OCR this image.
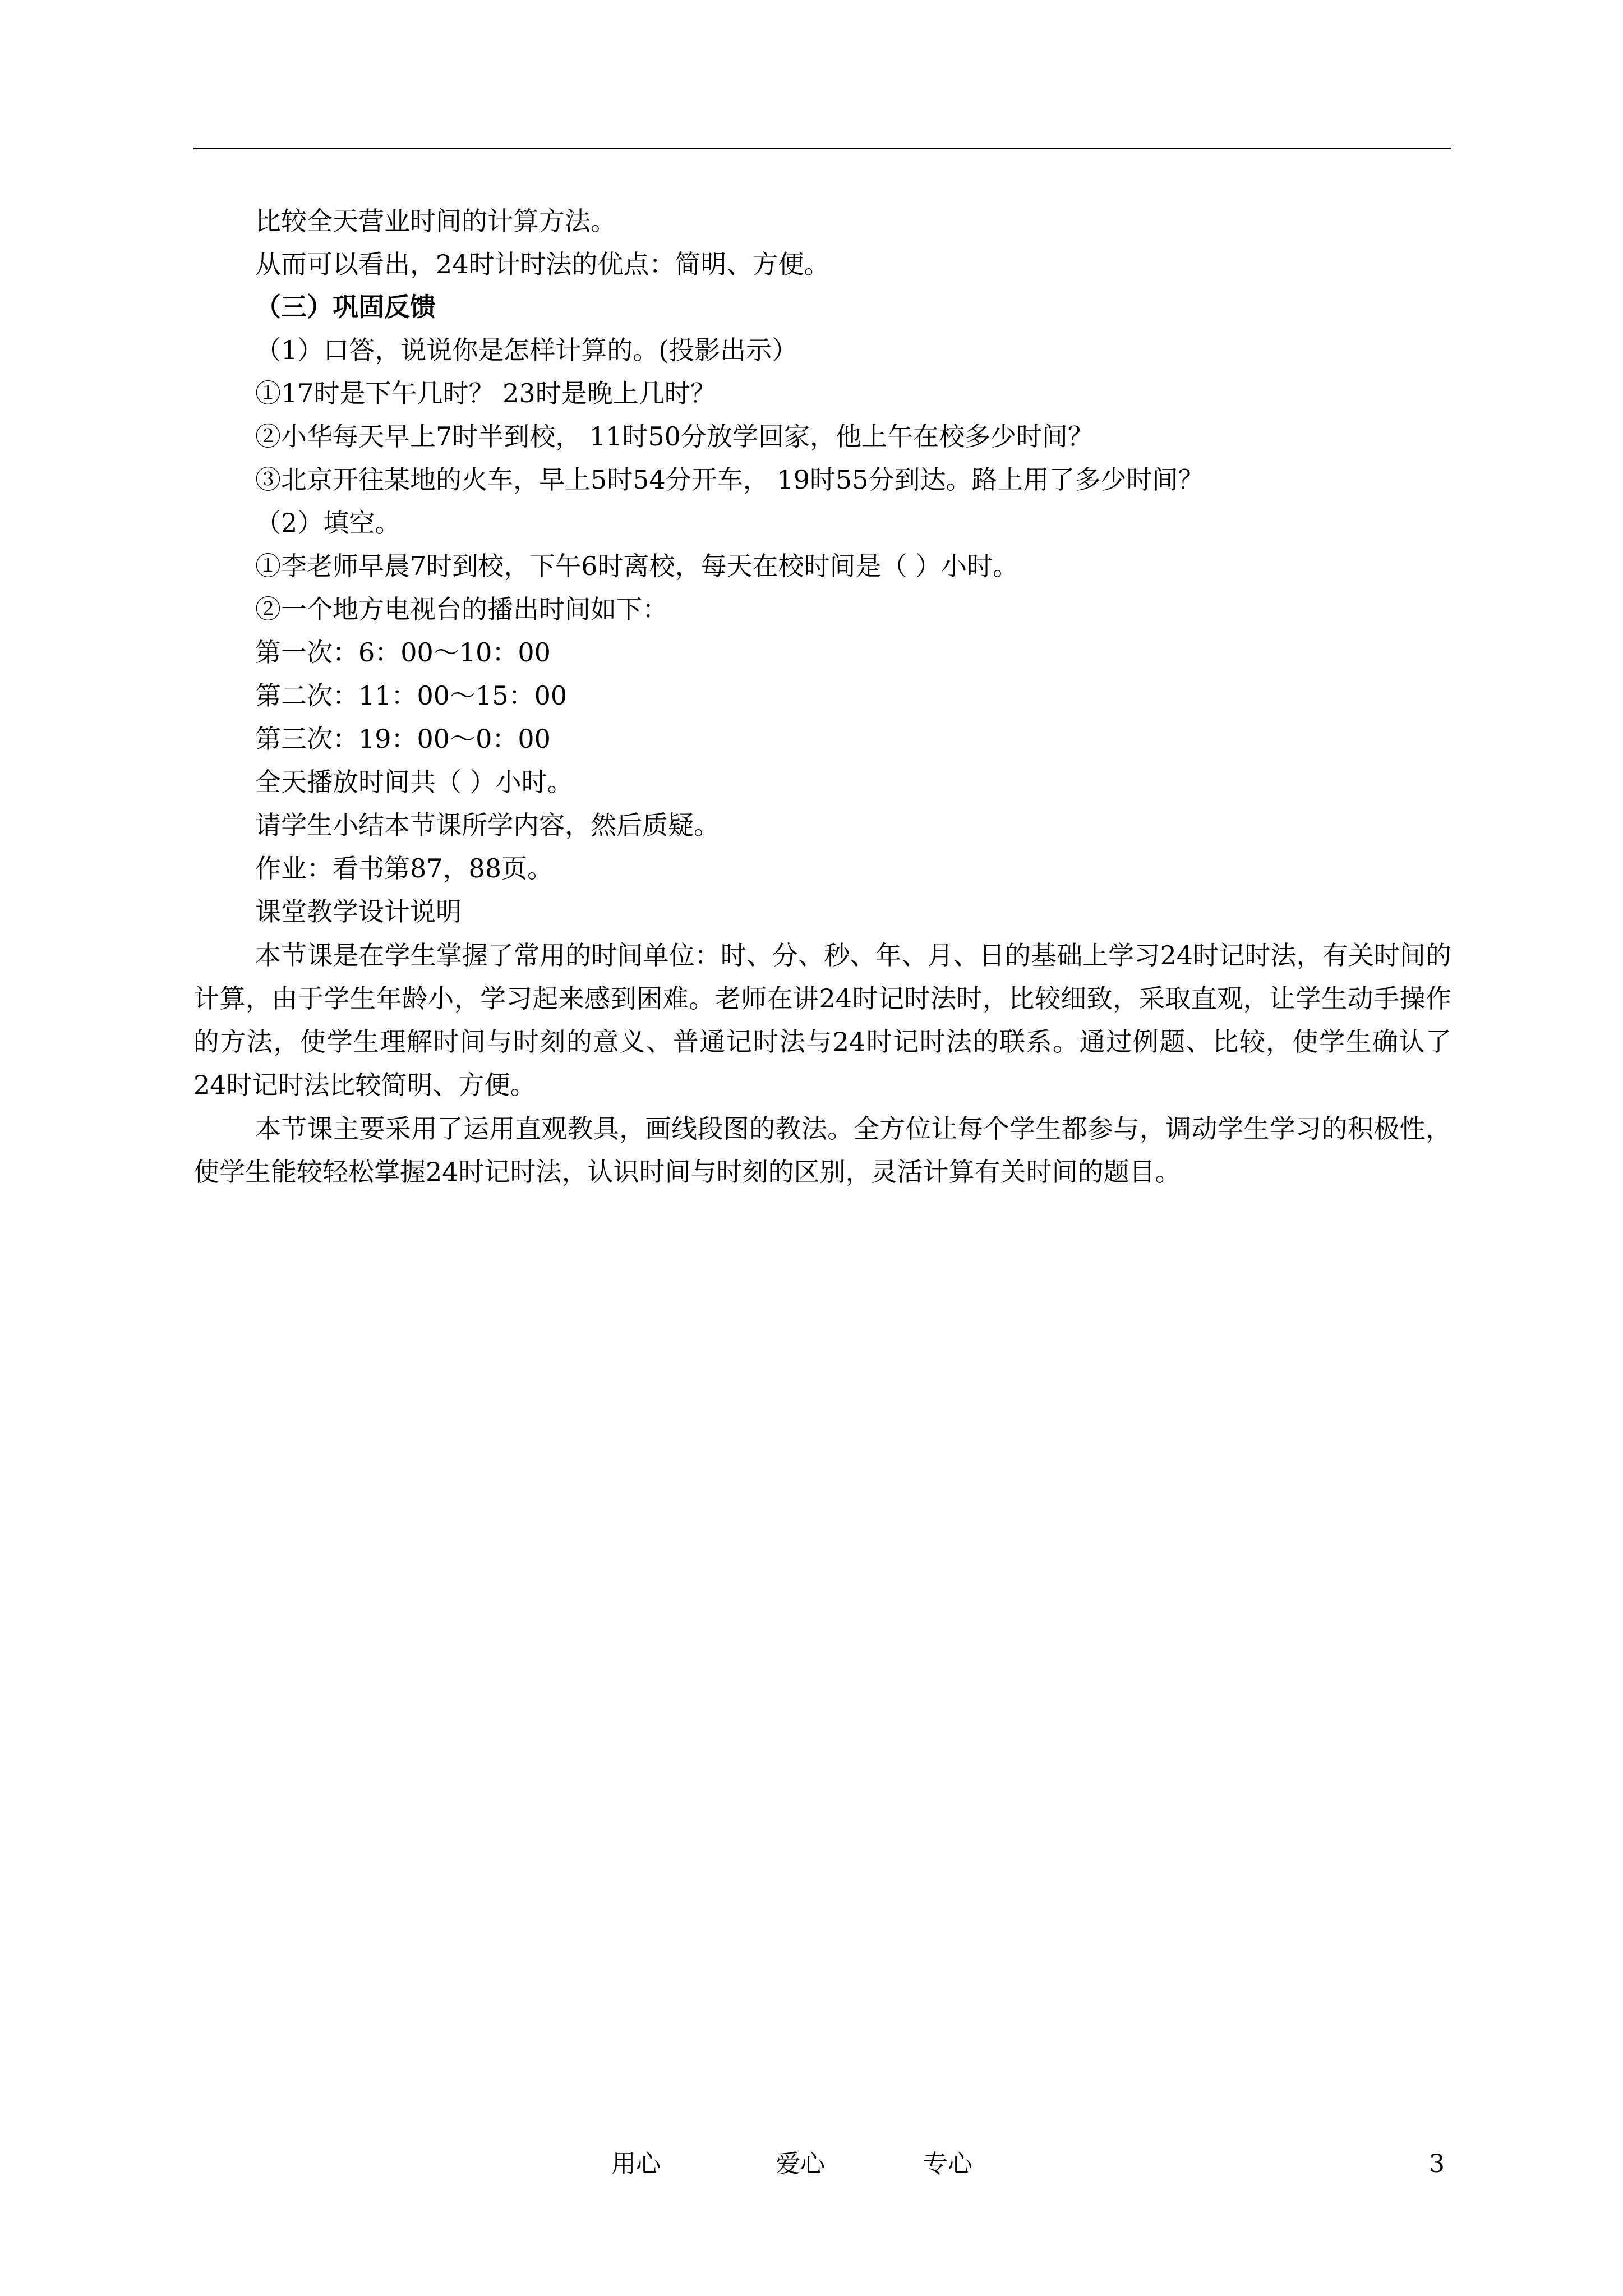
比较全天营业时间的计算方法。
从而可以看出，24时计时法的优点：简明、方便。
（三）巩固反馈
（1）口答，说说你是怎样计算的。(投影出示）
①17时是下午几时？ 23时是晚上几时？
②小华每天早上7时半到校， 11时50分放学回家，他上午在校多少时间？
③北京开往某地的火车，早上5时54分开车， 19时55分到达。路上用了多少时间？
（2）填空。
①李老师早晨7时到校，下午6时离校，每天在校时间是（ ）小时。
②一个地方电视台的播出时间如下：
第一次：6：00～10：00
第二次：11：00～15：00
第三次：19：00～0：00
全天播放时间共（ ）小时。
请学生小结本节课所学内容，然后质疑。
作业：看书第87，88页。
课堂教学设计说明
本节课是在学生掌握了常用的时间单位：时、分、秒、年、月、日的基础上学习24时记时法，有关时间的计算，由于学生年龄小，学习起来感到困难。老师在讲24时记时法时，比较细致，采取直观，让学生动手操作的方法，使学生理解时间与时刻的意义、普通记时法与24时记时法的联系。通过例题、比较，使学生确认了 24时记时法比较简明、方便。
本节课主要采用了运用直观教具，画线段图的教法。全方位让每个学生都参与，调动学生学习的积极性，使学生能较轻松掌握24时记时法，认识时间与时刻的区别，灵活计算有关时间的题目。
用心	爱心	专心	3
